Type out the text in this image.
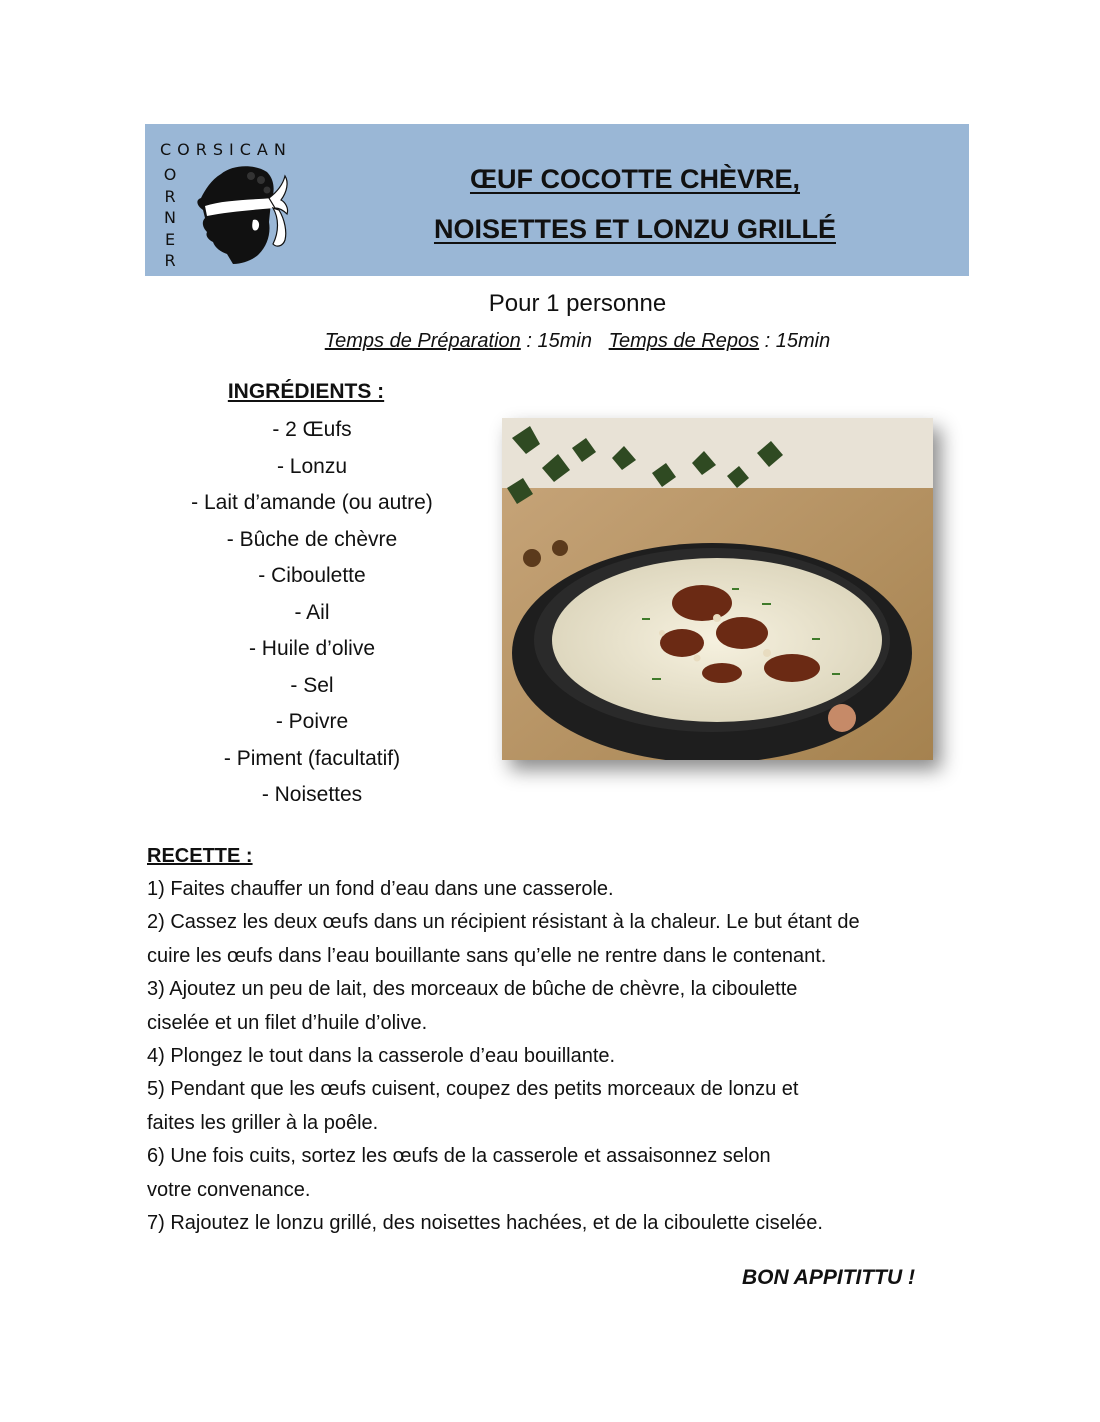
CORSICAN
O
R
N
E
R
ŒUF COCOTTE CHÈVRE,
NOISETTES ET LONZU GRILLÉ
Pour 1 personne
Temps de Préparation : 15min Temps de Repos : 15min
INGRÉDIENTS :
- 2 Œufs
- Lonzu
- Lait d’amande (ou autre)
- Bûche de chèvre
- Ciboulette
- Ail
- Huile d’olive
- Sel
- Poivre
- Piment (facultatif)
- Noisettes
RECETTE :

1) Faites chauffer un fond d’eau dans une casserole.

2) Cassez les deux œufs dans un récipient résistant à la chaleur. Le but étant de

cuire les œufs dans l’eau bouillante sans qu’elle ne rentre dans le contenant.

3) Ajoutez un peu de lait, des morceaux de bûche de chèvre, la ciboulette

ciselée et un filet d’huile d’olive.

4) Plongez le tout dans la casserole d’eau bouillante.

5) Pendant que les œufs cuisent, coupez des petits morceaux de lonzu et

faites les griller à la poêle.

6) Une fois cuits, sortez les œufs de la casserole et assaisonnez selon

votre convenance.

7) Rajoutez le lonzu grillé, des noisettes hachées, et de la ciboulette ciselée.

BON APPITITTU !
